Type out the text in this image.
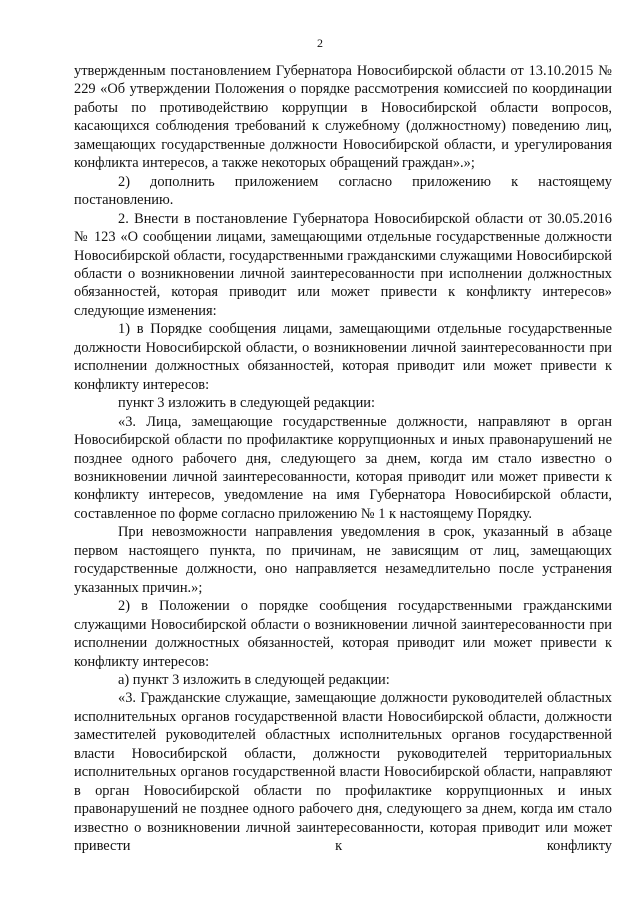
2

утвержденным постановлением Губернатора Новосибирской области от 13.10.2015 № 229 «Об утверждении Положения о порядке рассмотрения комиссией по координации работы по противодействию коррупции в Новосибирской области вопросов, касающихся соблюдения требований к служебному (должностному) поведению лиц, замещающих государственные должности Новосибирской области, и урегулирования конфликта интересов, а также некоторых обращений граждан».»;

2) дополнить приложением согласно приложению к настоящему постановлению.

2. Внести в постановление Губернатора Новосибирской области от 30.05.2016 № 123 «О сообщении лицами, замещающими отдельные государственные должности Новосибирской области, государственными гражданскими служащими Новосибирской области о возникновении личной заинтересованности при исполнении должностных обязанностей, которая приводит или может привести к конфликту интересов» следующие изменения:

1) в Порядке сообщения лицами, замещающими отдельные государственные должности Новосибирской области, о возникновении личной заинтересованности при исполнении должностных обязанностей, которая приводит или может привести к конфликту интересов:

пункт 3 изложить в следующей редакции:

«3. Лица, замещающие государственные должности, направляют в орган Новосибирской области по профилактике коррупционных и иных правонарушений не позднее одного рабочего дня, следующего за днем, когда им стало известно о возникновении личной заинтересованности, которая приводит или может привести к конфликту интересов, уведомление на имя Губернатора Новосибирской области, составленное по форме согласно приложению № 1 к настоящему Порядку.

При невозможности направления уведомления в срок, указанный в абзаце первом настоящего пункта, по причинам, не зависящим от лиц, замещающих государственные должности, оно направляется незамедлительно после устранения указанных причин.»;

2) в Положении о порядке сообщения государственными гражданскими служащими Новосибирской области о возникновении личной заинтересованности при исполнении должностных обязанностей, которая приводит или может привести к конфликту интересов:

а) пункт 3 изложить в следующей редакции:

«3. Гражданские служащие, замещающие должности руководителей областных исполнительных органов государственной власти Новосибирской области, должности заместителей руководителей областных исполнительных органов государственной власти Новосибирской области, должности руководителей территориальных исполнительных органов государственной власти Новосибирской области, направляют в орган Новосибирской области по профилактике коррупционных и иных правонарушений не позднее одного рабочего дня, следующего за днем, когда им стало известно о возникновении личной заинтересованности, которая приводит или может привести к конфликту
